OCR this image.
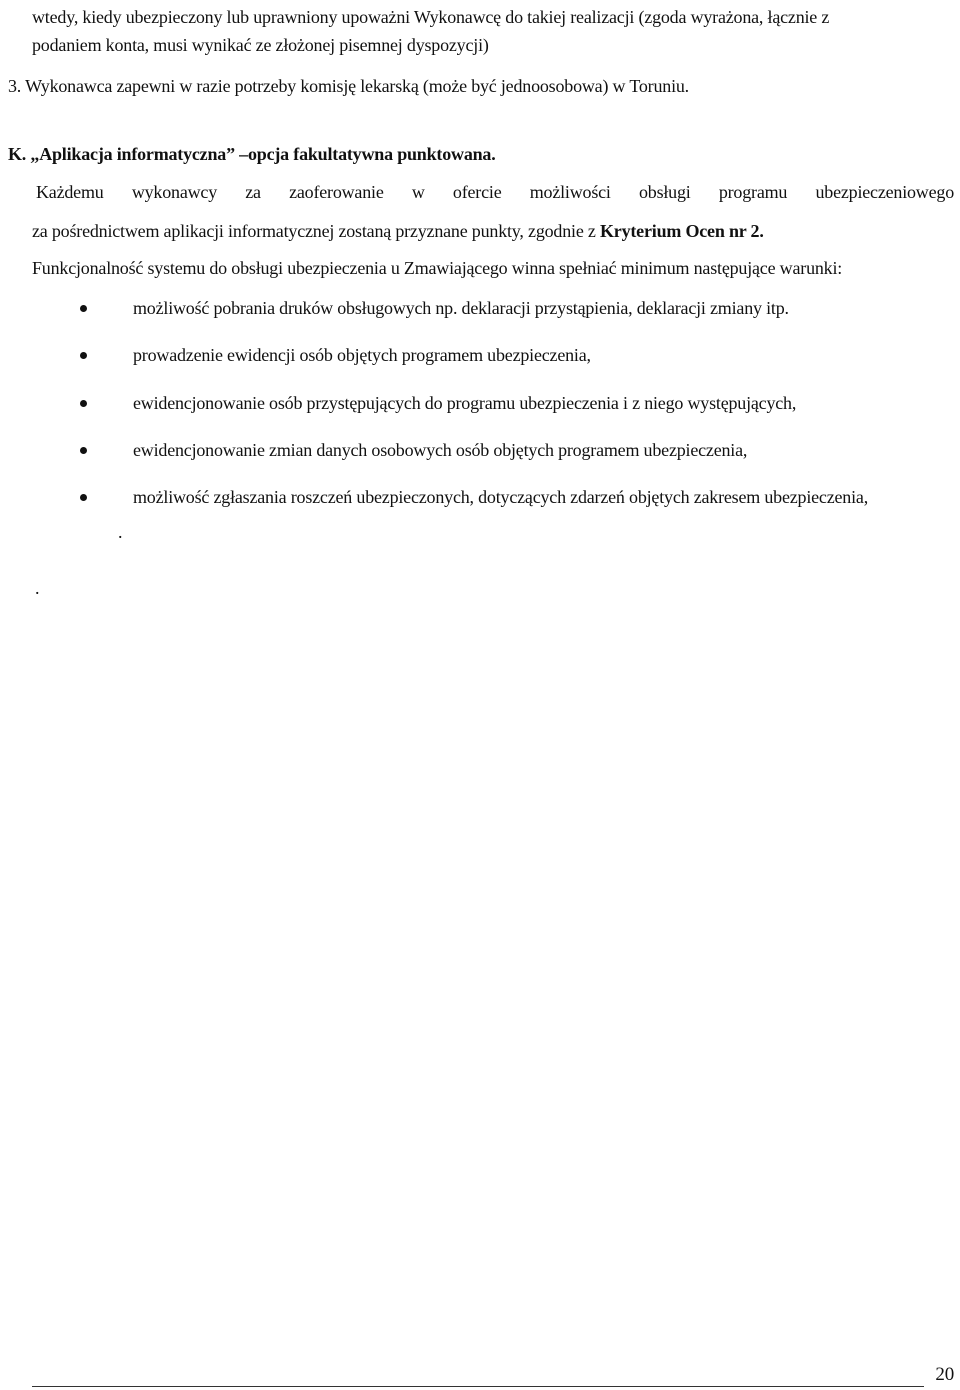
wtedy, kiedy ubezpieczony lub uprawniony upoważni Wykonawcę do takiej realizacji (zgoda wyrażona, łącznie z
podaniem konta, musi wynikać ze złożonej pisemnej dyspozycji)
3. Wykonawca zapewni w razie potrzeby komisję lekarską (może być jednoosobowa) w Toruniu.
K. „Aplikacja informatyczna” –opcja fakultatywna punktowana.
Każdemu wykonawcy za zaoferowanie w ofercie możliwości obsługi programu ubezpieczeniowego
za pośrednictwem aplikacji informatycznej zostaną przyznane punkty, zgodnie z Kryterium Ocen nr 2.
Funkcjonalność systemu do obsługi ubezpieczenia u Zmawiającego winna spełniać minimum następujące warunki:
możliwość pobrania druków obsługowych np. deklaracji przystąpienia, deklaracji zmiany itp.
prowadzenie ewidencji osób objętych programem ubezpieczenia,
ewidencjonowanie osób przystępujących do programu ubezpieczenia i z niego występujących,
ewidencjonowanie zmian danych osobowych osób objętych programem ubezpieczenia,
możliwość zgłaszania roszczeń ubezpieczonych, dotyczących zdarzeń objętych zakresem ubezpieczenia,
.
.
20
